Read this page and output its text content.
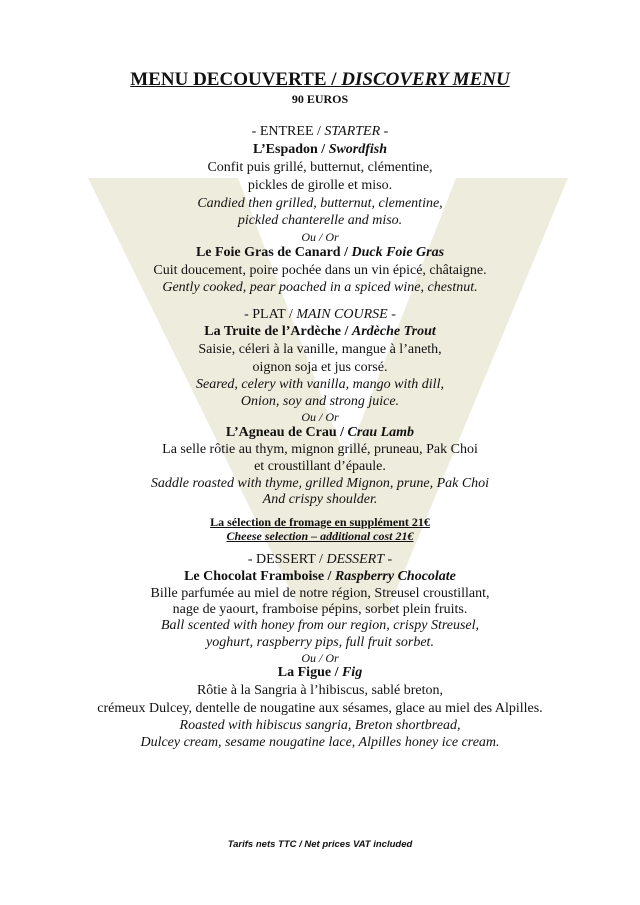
MENU DECOUVERTE / DISCOVERY MENU
90 EUROS
- ENTREE / STARTER -
L’Espadon / Swordfish
Confit puis grillé, butternut, clémentine,
pickles de girolle et miso.
Candied then grilled, butternut, clementine,
pickled chanterelle and miso.
Ou / Or
Le Foie Gras de Canard / Duck Foie Gras
Cuit doucement, poire pochée dans un vin épicé, châtaigne.
Gently cooked, pear poached in a spiced wine, chestnut.
- PLAT / MAIN COURSE -
La Truite de l’Ardèche / Ardèche Trout
Saisie, céleri à la vanille, mangue à l’aneth,
oignon soja et jus corsé.
Seared, celery with vanilla, mango with dill,
Onion, soy and strong juice.
Ou / Or
L’Agneau de Crau / Crau Lamb
La selle rôtie au thym, mignon grillé, pruneau, Pak Choi
et croustillant d’épaule.
Saddle roasted with thyme, grilled Mignon, prune, Pak Choi
And crispy shoulder.
La sélection de fromage en supplément 21€
Cheese selection – additional cost 21€
- DESSERT / DESSERT -
Le Chocolat Framboise / Raspberry Chocolate
Bille parfumée au miel de notre région, Streusel croustillant,
nage de yaourt, framboise pépins, sorbet plein fruits.
Ball scented with honey from our region, crispy Streusel,
yoghurt, raspberry pips, full fruit sorbet.
Ou / Or
La Figue / Fig
Rôtie à la Sangria à l’hibiscus, sablé breton,
crémeux Dulcey, dentelle de nougatine aux sésames, glace au miel des Alpilles.
Roasted with hibiscus sangria, Breton shortbread,
Dulcey cream, sesame nougatine lace, Alpilles honey ice cream.
Tarifs nets TTC / Net prices VAT included
